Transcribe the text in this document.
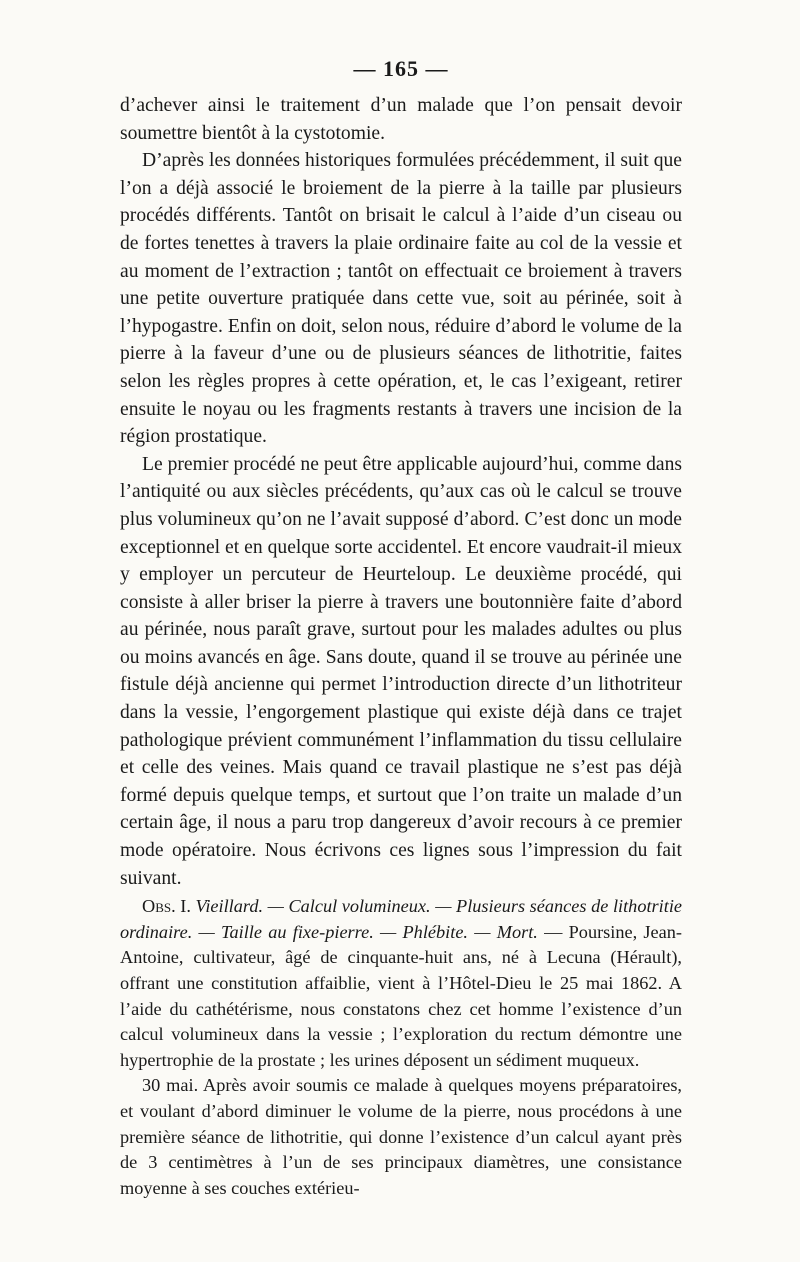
— 165 —

d’achever ainsi le traitement d’un malade que l’on pensait devoir soumettre bientôt à la cystotomie.

D’après les données historiques formulées précédemment, il suit que l’on a déjà associé le broiement de la pierre à la taille par plusieurs procédés différents. Tantôt on brisait le calcul à l’aide d’un ciseau ou de fortes tenettes à travers la plaie ordinaire faite au col de la vessie et au moment de l’extraction ; tantôt on effectuait ce broiement à travers une petite ouverture pratiquée dans cette vue, soit au périnée, soit à l’hypogastre. Enfin on doit, selon nous, réduire d’abord le volume de la pierre à la faveur d’une ou de plusieurs séances de lithotritie, faites selon les règles propres à cette opération, et, le cas l’exigeant, retirer ensuite le noyau ou les fragments restants à travers une incision de la région prostatique.

Le premier procédé ne peut être applicable aujourd’hui, comme dans l’antiquité ou aux siècles précédents, qu’aux cas où le calcul se trouve plus volumineux qu’on ne l’avait supposé d’abord. C’est donc un mode exceptionnel et en quelque sorte accidentel. Et encore vaudrait-il mieux y employer un percuteur de Heurteloup. Le deuxième procédé, qui consiste à aller briser la pierre à travers une boutonnière faite d’abord au périnée, nous paraît grave, surtout pour les malades adultes ou plus ou moins avancés en âge. Sans doute, quand il se trouve au périnée une fistule déjà ancienne qui permet l’introduction directe d’un lithotriteur dans la vessie, l’engorgement plastique qui existe déjà dans ce trajet pathologique prévient communément l’inflammation du tissu cellulaire et celle des veines. Mais quand ce travail plastique ne s’est pas déjà formé depuis quelque temps, et surtout que l’on traite un malade d’un certain âge, il nous a paru trop dangereux d’avoir recours à ce premier mode opératoire. Nous écrivons ces lignes sous l’impression du fait suivant.

Obs. I. Vieillard. — Calcul volumineux. — Plusieurs séances de lithotritie ordinaire. — Taille au fixe-pierre. — Phlébite. — Mort. — Poursine, Jean-Antoine, cultivateur, âgé de cinquante-huit ans, né à Lecuna (Hérault), offrant une constitution affaiblie, vient à l’Hôtel-Dieu le 25 mai 1862. A l’aide du cathétérisme, nous constatons chez cet homme l’existence d’un calcul volumineux dans la vessie ; l’exploration du rectum démontre une hypertrophie de la prostate ; les urines déposent un sédiment muqueux.

30 mai. Après avoir soumis ce malade à quelques moyens préparatoires, et voulant d’abord diminuer le volume de la pierre, nous procédons à une première séance de lithotritie, qui donne l’existence d’un calcul ayant près de 3 centimètres à l’un de ses principaux diamètres, une consistance moyenne à ses couches extérieu-
